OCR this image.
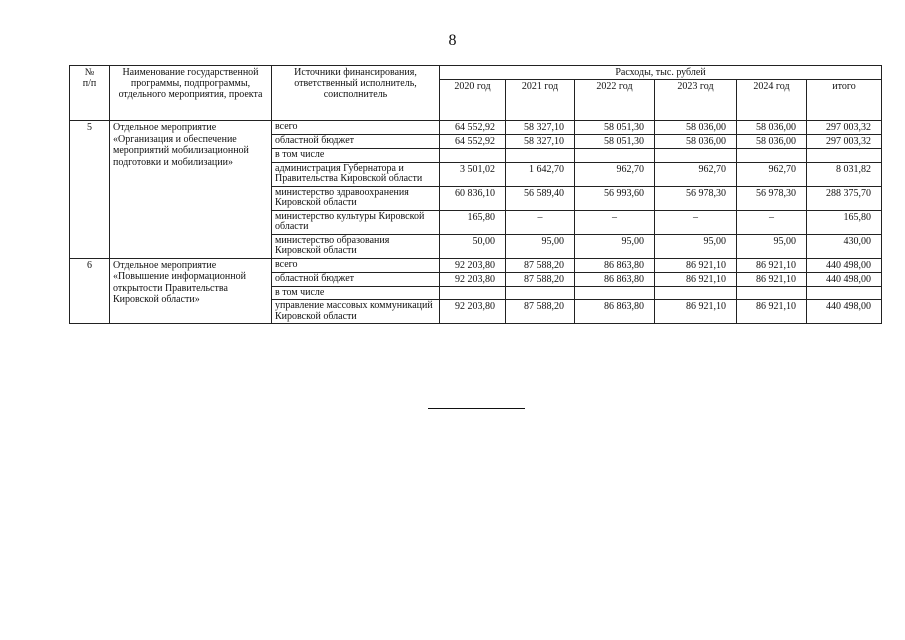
8
№
п/п	Наименование государственной программы, подпрограммы, отдельного мероприятия, проекта	Источники финансирования, ответственный исполнитель, соисполнитель	Расходы, тыс. рублей					
			2020 год	2021 год	2022 год	2023 год	2024 год	итого
5	Отдельное мероприятие «Организация и обеспечение мероприятий мобилизационной подготовки и мобилизации»	всего	64 552,92	58 327,10	58 051,30	58 036,00	58 036,00	297 003,32
		областной бюджет	64 552,92	58 327,10	58 051,30	58 036,00	58 036,00	297 003,32
		в том числе						
		администрация Губернатора и Правительства Кировской области	3 501,02	1 642,70	962,70	962,70	962,70	8 031,82
		министерство здравоохранения Кировской области	60 836,10	56 589,40	56 993,60	56 978,30	56 978,30	288 375,70
		министерство культуры Кировской области	165,80	–	–	–	–	165,80
		министерство образования Кировской области	50,00	95,00	95,00	95,00	95,00	430,00
6	Отдельное мероприятие «Повышение информационной открытости Правительства Кировской области»	всего	92 203,80	87 588,20	86 863,80	86 921,10	86 921,10	440 498,00
		областной бюджет	92 203,80	87 588,20	86 863,80	86 921,10	86 921,10	440 498,00
		в том числе						
		управление массовых коммуникаций Кировской области	92 203,80	87 588,20	86 863,80	86 921,10	86 921,10	440 498,00
